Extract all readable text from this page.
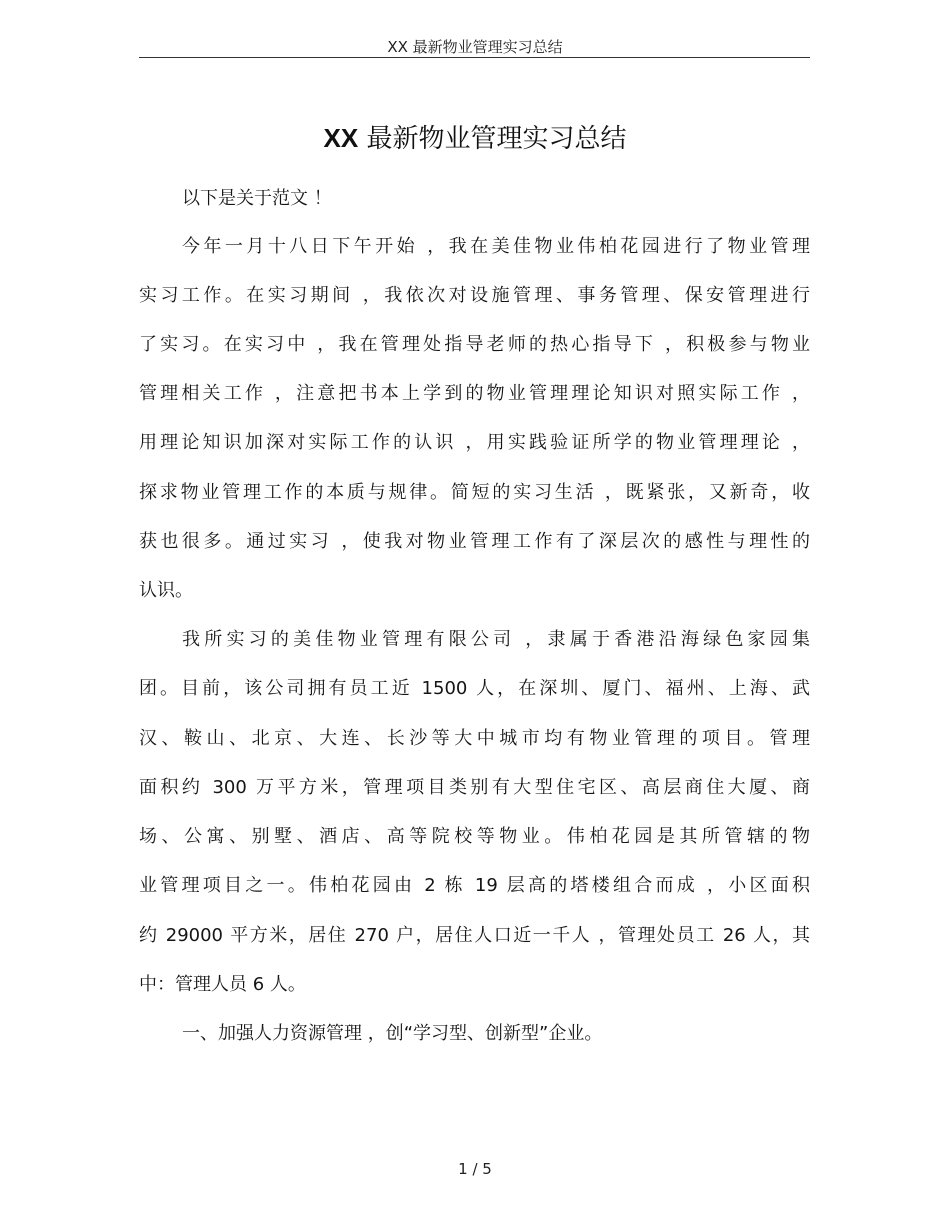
XX 最新物业管理实习总结
XX 最新物业管理实习总结
以下是关于范文 ！
今年一月十八日下午开始 ，我在美佳物业伟柏花园进行了物业管理
实习工作。在实习期间 ，我依次对设施管理、事务管理、保安管理进行
了实习。在实习中 ，我在管理处指导老师的热心指导下 ，积极参与物业
管理相关工作 ，注意把书本上学到的物业管理理论知识对照实际工作 ，
用理论知识加深对实际工作的认识 ，用实践验证所学的物业管理理论 ，
探求物业管理工作的本质与规律。简短的实习生活 ，既紧张，又新奇，收
获也很多。通过实习 ，使我对物业管理工作有了深层次的感性与理性的
认识。
我所实习的美佳物业管理有限公司 ，隶属于香港沿海绿色家园集
团。目前，该公司拥有员工近 1500 人，在深圳、厦门、福州、上海、武
汉、鞍山、北京、大连、长沙等大中城市均有物业管理的项目。管理
面积约 300 万平方米，管理项目类别有大型住宅区、高层商住大厦、商
场、公寓、别墅、酒店、高等院校等物业。伟柏花园是其所管辖的物
业管理项目之一。伟柏花园由 2 栋 19 层高的塔楼组合而成 ，小区面积
约 29000 平方米，居住 270 户，居住人口近一千人 ，管理处员工 26 人，其
中：管理人员 6 人。
一、加强人力资源管理 ，创“学习型、创新型”企业。
1 / 5
